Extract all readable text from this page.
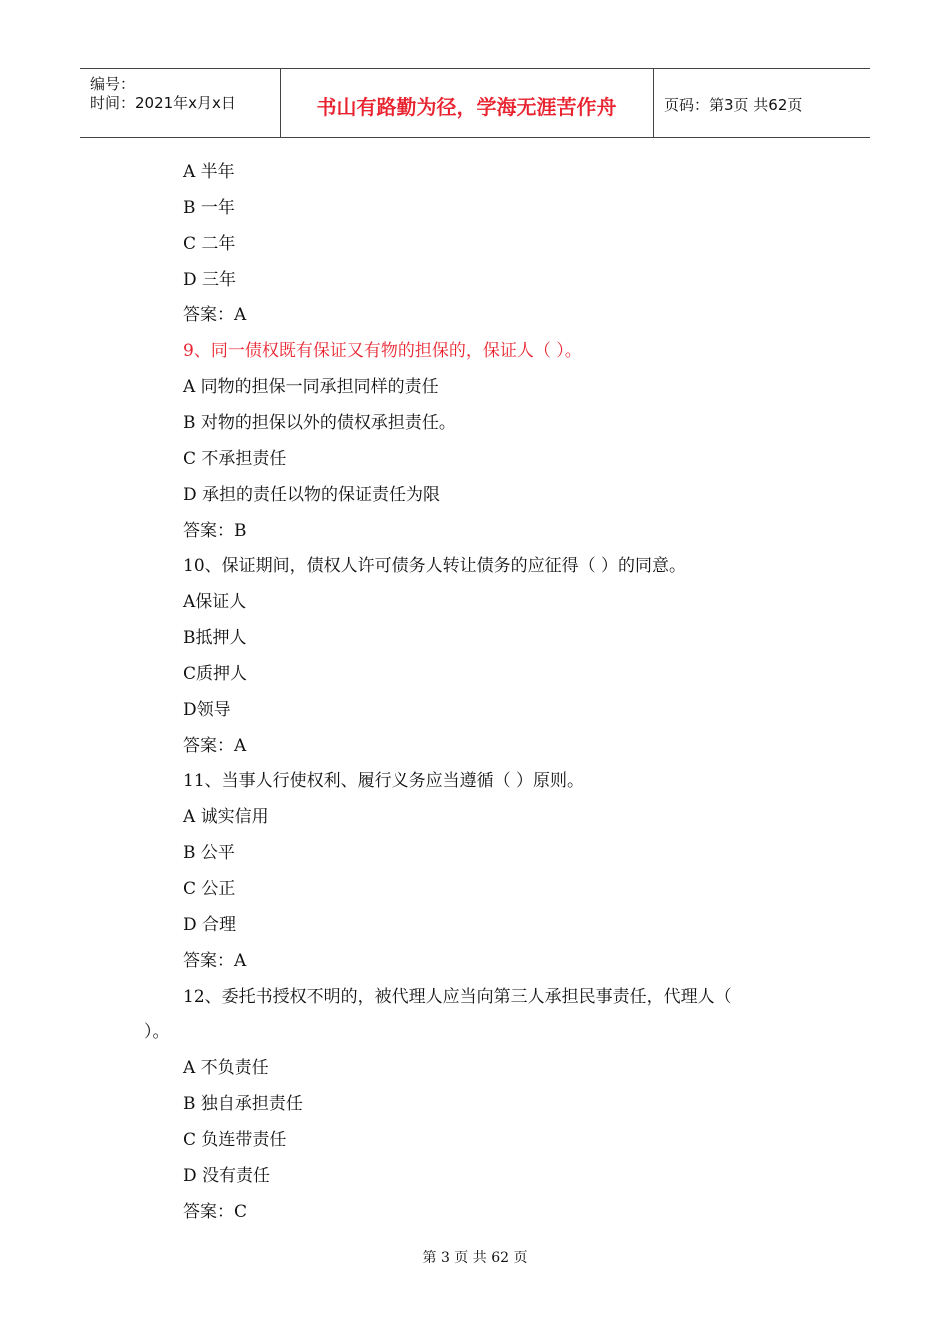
编号：
时间：2021年x月x日	书山有路勤为径，学海无涯苦作舟	页码：第3页 共62页
A 半年
B 一年
C 二年
D 三年
答案：A
9、同一债权既有保证又有物的担保的，保证人（ ）。
A 同物的担保一同承担同样的责任
B 对物的担保以外的债权承担责任。
C 不承担责任
D 承担的责任以物的保证责任为限
答案：B
10、保证期间，债权人许可债务人转让债务的应征得（ ）的同意。
A保证人
B抵押人
C质押人
D领导
答案：A
11、当事人行使权利、履行义务应当遵循（ ）原则。
A 诚实信用
B 公平
C 公正
D 合理
答案：A
12、委托书授权不明的，被代理人应当向第三人承担民事责任，代理人（
）。
A 不负责任
B 独自承担责任
C 负连带责任
D 没有责任
答案：C
第 3 页 共 62 页
